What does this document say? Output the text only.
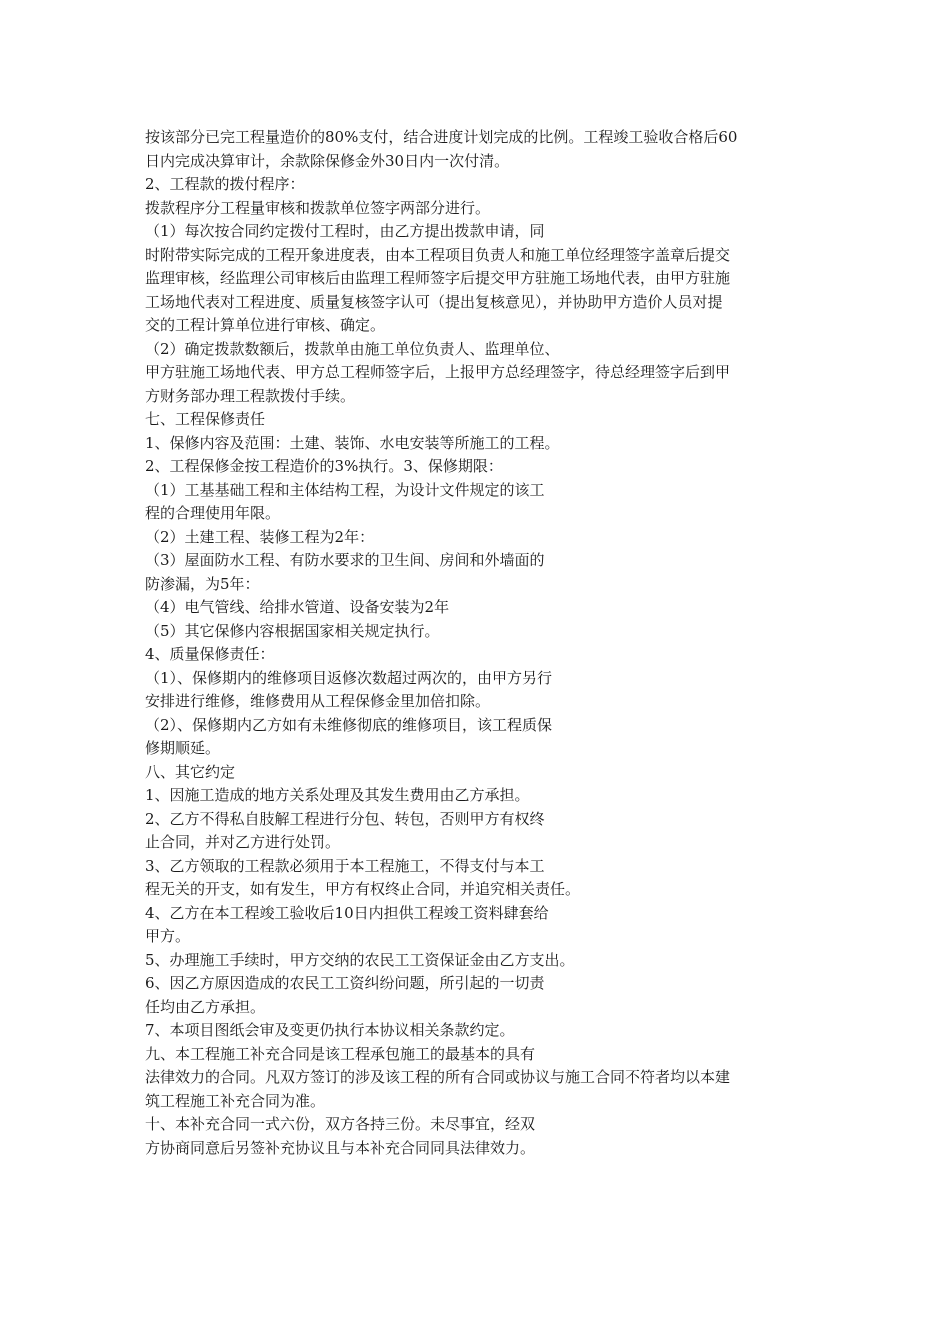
按该部分已完工程量造价的80%支付，结合进度计划完成的比例。工程竣工验收合格后60
日内完成决算审计，余款除保修金外30日内一次付清。
2、工程款的拨付程序：
拨款程序分工程量审核和拨款单位签字两部分进行。
（1）每次按合同约定拨付工程时，由乙方提出拨款申请，同
时附带实际完成的工程开象进度表，由本工程项目负责人和施工单位经理签字盖章后提交
监理审核，经监理公司审核后由监理工程师签字后提交甲方驻施工场地代表，由甲方驻施
工场地代表对工程进度、质量复核签字认可（提出复核意见），并协助甲方造价人员对提
交的工程计算单位进行审核、确定。
（2）确定拨款数额后，拨款单由施工单位负责人、监理单位、
甲方驻施工场地代表、甲方总工程师签字后，上报甲方总经理签字，待总经理签字后到甲
方财务部办理工程款拨付手续。
七、工程保修责任
1、保修内容及范围：土建、装饰、水电安装等所施工的工程。
2、工程保修金按工程造价的3%执行。3、保修期限：
（1）工基基础工程和主体结构工程，为设计文件规定的该工
程的合理使用年限。
（2）土建工程、装修工程为2年：
（3）屋面防水工程、有防水要求的卫生间、房间和外墙面的
防渗漏，为5年：
（4）电气管线、给排水管道、设备安装为2年
（5）其它保修内容根据国家相关规定执行。
4、质量保修责任：
（1）、保修期内的维修项目返修次数超过两次的，由甲方另行
安排进行维修，维修费用从工程保修金里加倍扣除。
（2）、保修期内乙方如有未维修彻底的维修项目，该工程质保
修期顺延。
八、其它约定
1、因施工造成的地方关系处理及其发生费用由乙方承担。
2、乙方不得私自肢解工程进行分包、转包，否则甲方有权终
止合同，并对乙方进行处罚。
3、乙方领取的工程款必须用于本工程施工，不得支付与本工
程无关的开支，如有发生，甲方有权终止合同，并追究相关责任。
4、乙方在本工程竣工验收后10日内担供工程竣工资料肆套给
甲方。
5、办理施工手续时，甲方交纳的农民工工资保证金由乙方支出。
6、因乙方原因造成的农民工工资纠纷问题，所引起的一切责
任均由乙方承担。
7、本项目图纸会审及变更仍执行本协议相关条款约定。
九、本工程施工补充合同是该工程承包施工的最基本的具有
法律效力的合同。凡双方签订的涉及该工程的所有合同或协议与施工合同不符者均以本建
筑工程施工补充合同为准。
十、本补充合同一式六份，双方各持三份。未尽事宜，经双
方协商同意后另签补充协议且与本补充合同同具法律效力。
